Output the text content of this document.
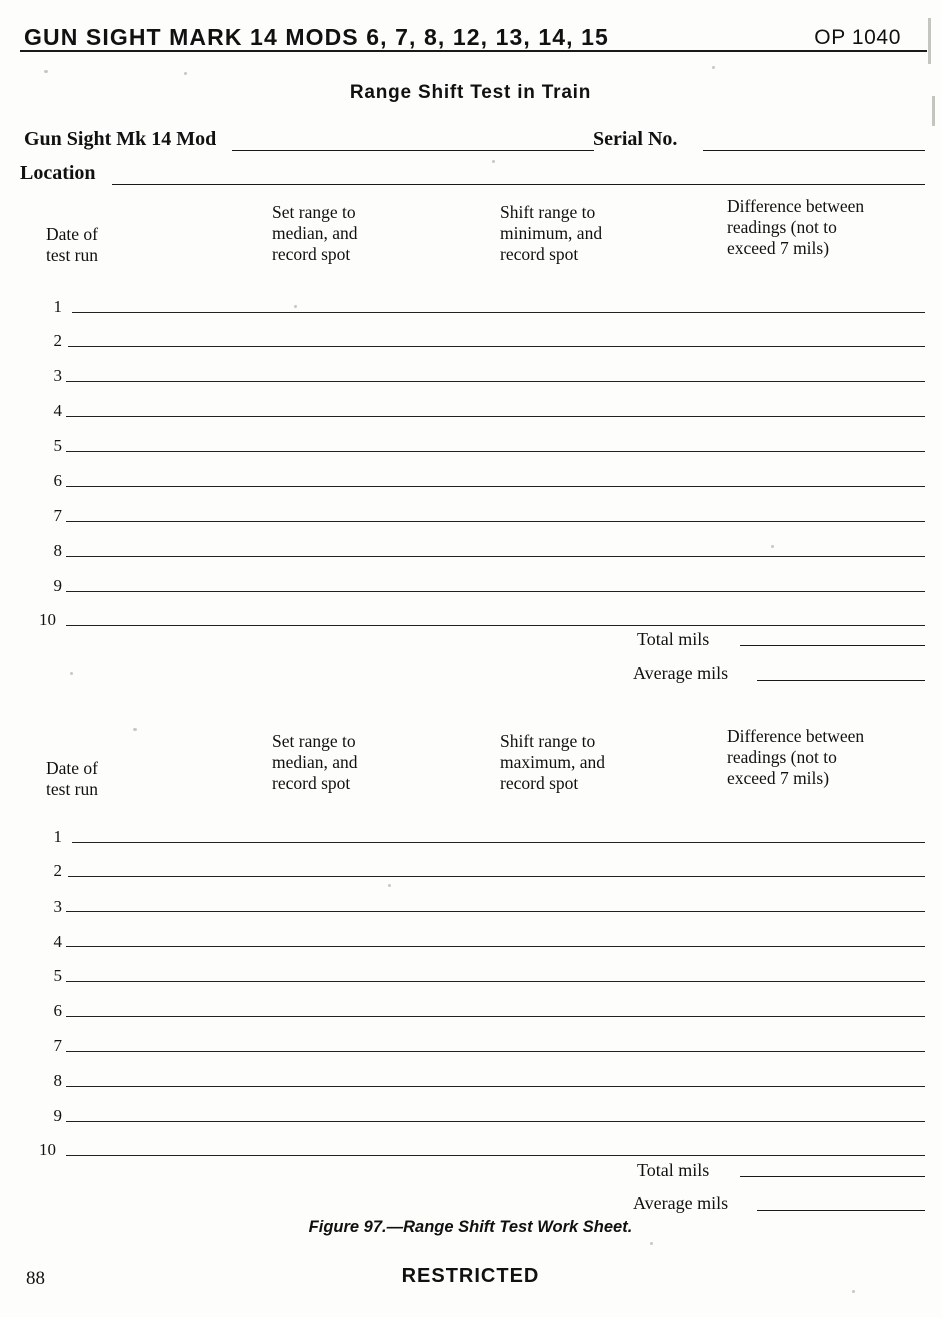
GUN SIGHT MARK 14 MODS 6, 7, 8, 12, 13, 14, 15	OP 1040
Range Shift Test in Train
Gun Sight Mk 14 Mod	Serial No.
Location
Date of
test run
Set range to
median, and
record spot
Shift range to
minimum, and
record spot
Difference between
readings (not to
exceed 7 mils)
1
2
3
4
5
6
7
8
9
10
Total mils
Average mils
Date of
test run
Set range to
median, and
record spot
Shift range to
maximum, and
record spot
Difference between
readings (not to
exceed 7 mils)
1
2
3
4
5
6
7
8
9
10
Total mils
Average mils
Figure 97.—Range Shift Test Work Sheet.
RESTRICTED
88
